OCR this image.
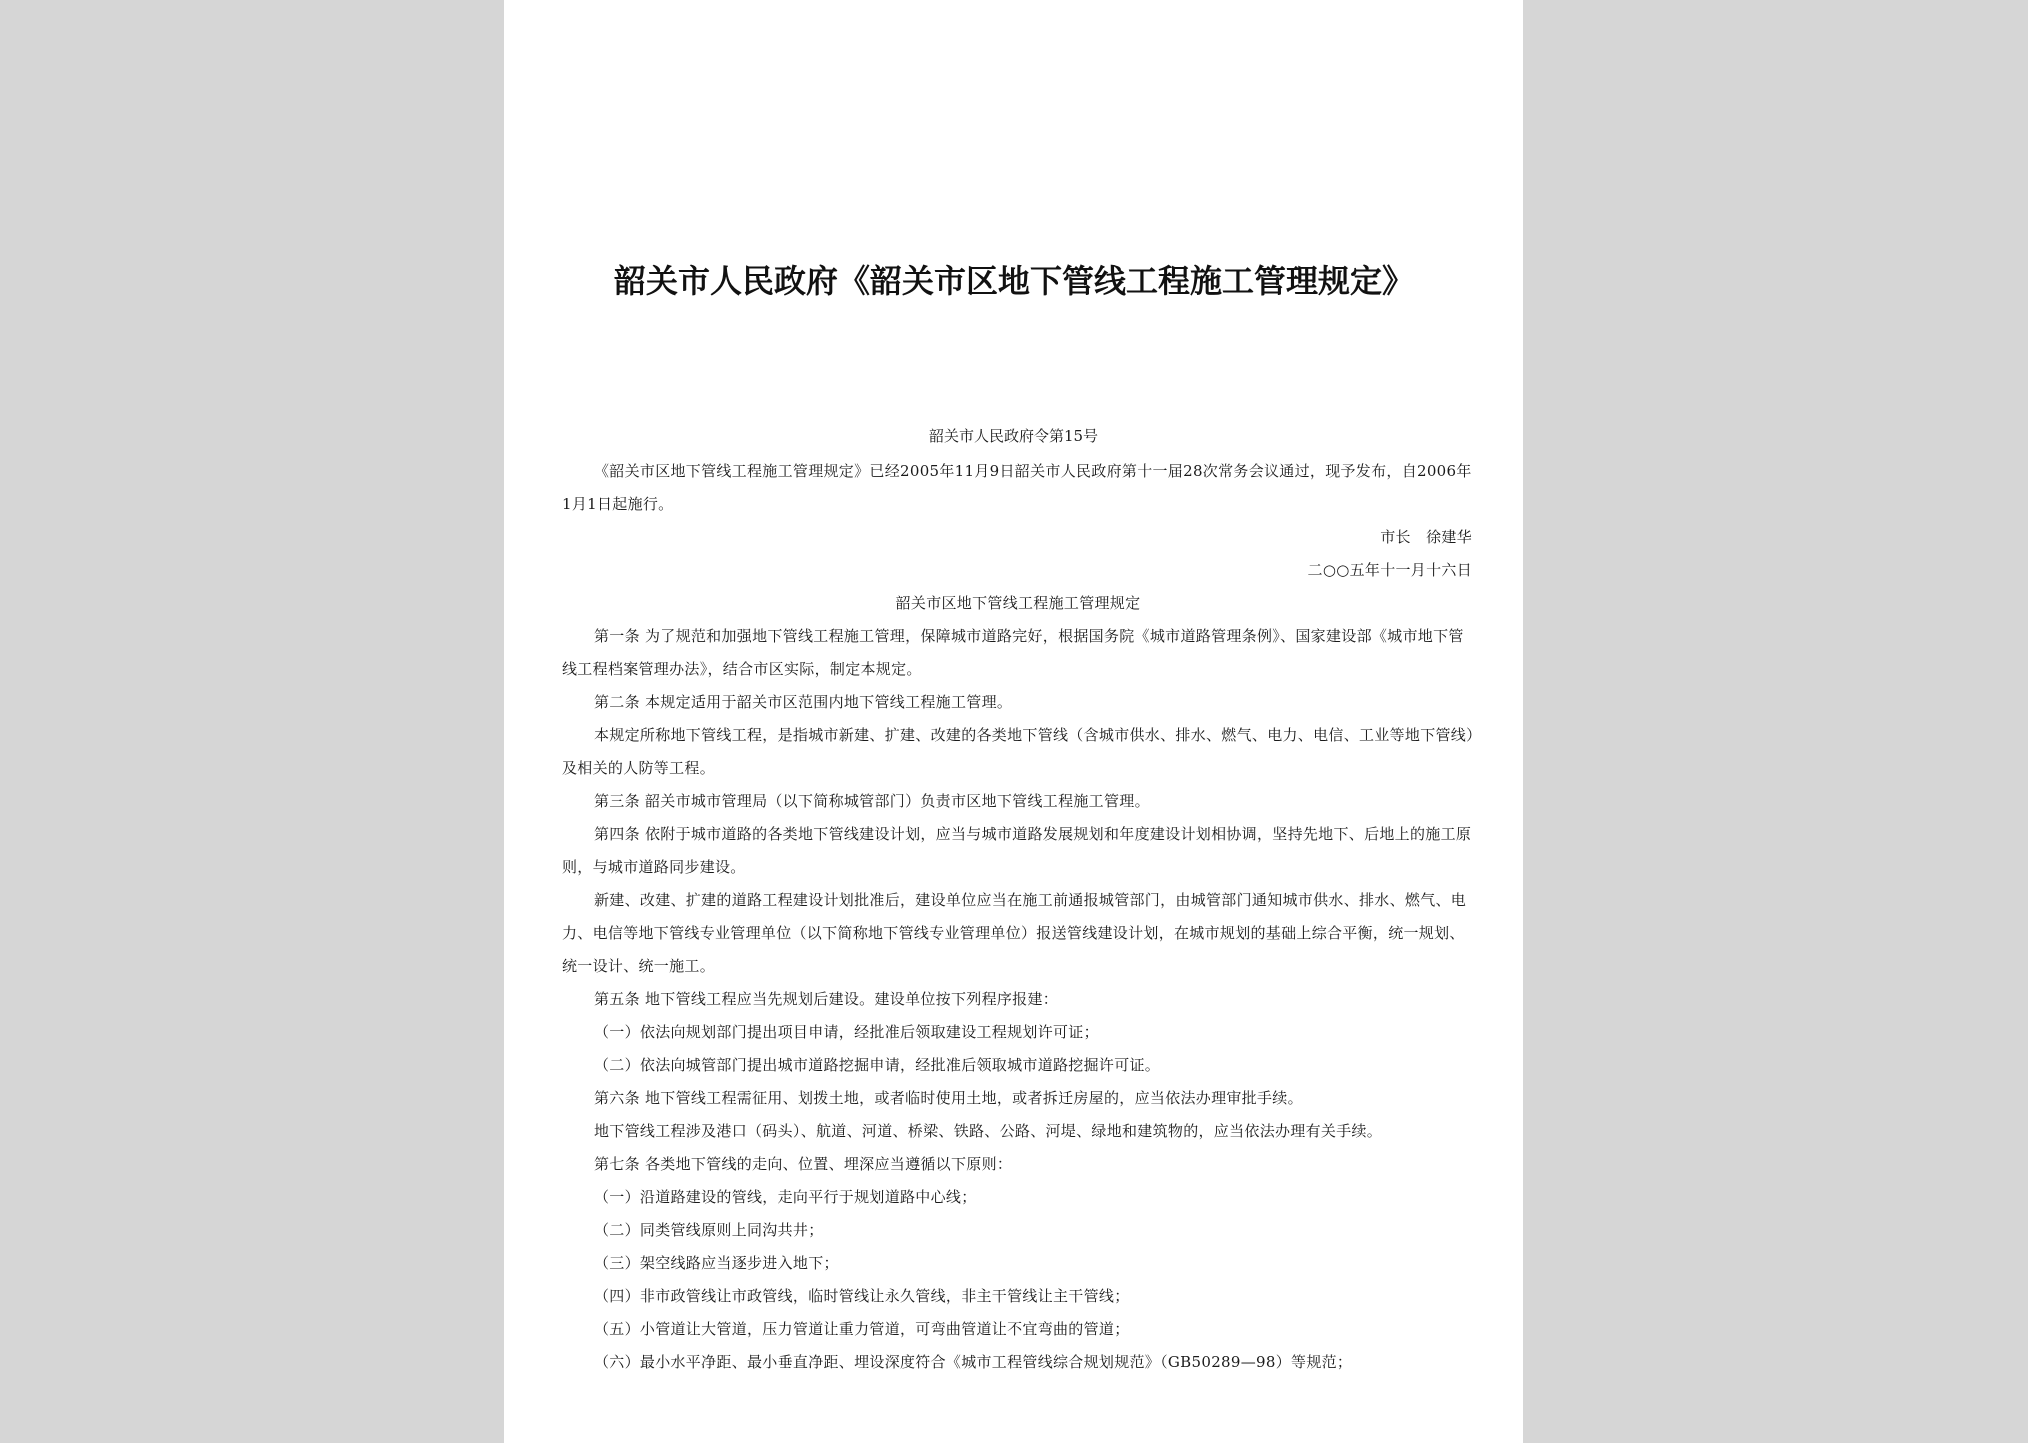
韶关市人民政府《韶关市区地下管线工程施工管理规定》
韶关市人民政府令第15号

《韶关市区地下管线工程施工管理规定》已经2005年11月9日韶关市人民政府第十一届28次常务会议通过，现予发布，自2006年1月1日起施行。

市长　徐建华

二○○五年十一月十六日

韶关市区地下管线工程施工管理规定

第一条 为了规范和加强地下管线工程施工管理，保障城市道路完好，根据国务院《城市道路管理条例》、国家建设部《城市地下管线工程档案管理办法》，结合市区实际，制定本规定。

第二条 本规定适用于韶关市区范围内地下管线工程施工管理。

本规定所称地下管线工程，是指城市新建、扩建、改建的各类地下管线（含城市供水、排水、燃气、电力、电信、工业等地下管线）及相关的人防等工程。

第三条 韶关市城市管理局（以下简称城管部门）负责市区地下管线工程施工管理。

第四条 依附于城市道路的各类地下管线建设计划，应当与城市道路发展规划和年度建设计划相协调，坚持先地下、后地上的施工原则，与城市道路同步建设。

新建、改建、扩建的道路工程建设计划批准后，建设单位应当在施工前通报城管部门，由城管部门通知城市供水、排水、燃气、电力、电信等地下管线专业管理单位（以下简称地下管线专业管理单位）报送管线建设计划，在城市规划的基础上综合平衡，统一规划、统一设计、统一施工。

第五条 地下管线工程应当先规划后建设。建设单位按下列程序报建：

（一）依法向规划部门提出项目申请，经批准后领取建设工程规划许可证；

（二）依法向城管部门提出城市道路挖掘申请，经批准后领取城市道路挖掘许可证。

第六条 地下管线工程需征用、划拨土地，或者临时使用土地，或者拆迁房屋的，应当依法办理审批手续。

地下管线工程涉及港口（码头）、航道、河道、桥梁、铁路、公路、河堤、绿地和建筑物的，应当依法办理有关手续。

第七条 各类地下管线的走向、位置、埋深应当遵循以下原则：

（一）沿道路建设的管线，走向平行于规划道路中心线；

（二）同类管线原则上同沟共井；

（三）架空线路应当逐步进入地下；

（四）非市政管线让市政管线，临时管线让永久管线，非主干管线让主干管线；

（五）小管道让大管道，压力管道让重力管道，可弯曲管道让不宜弯曲的管道；

（六）最小水平净距、最小垂直净距、埋设深度符合《城市工程管线综合规划规范》（GB50289—98）等规范；
